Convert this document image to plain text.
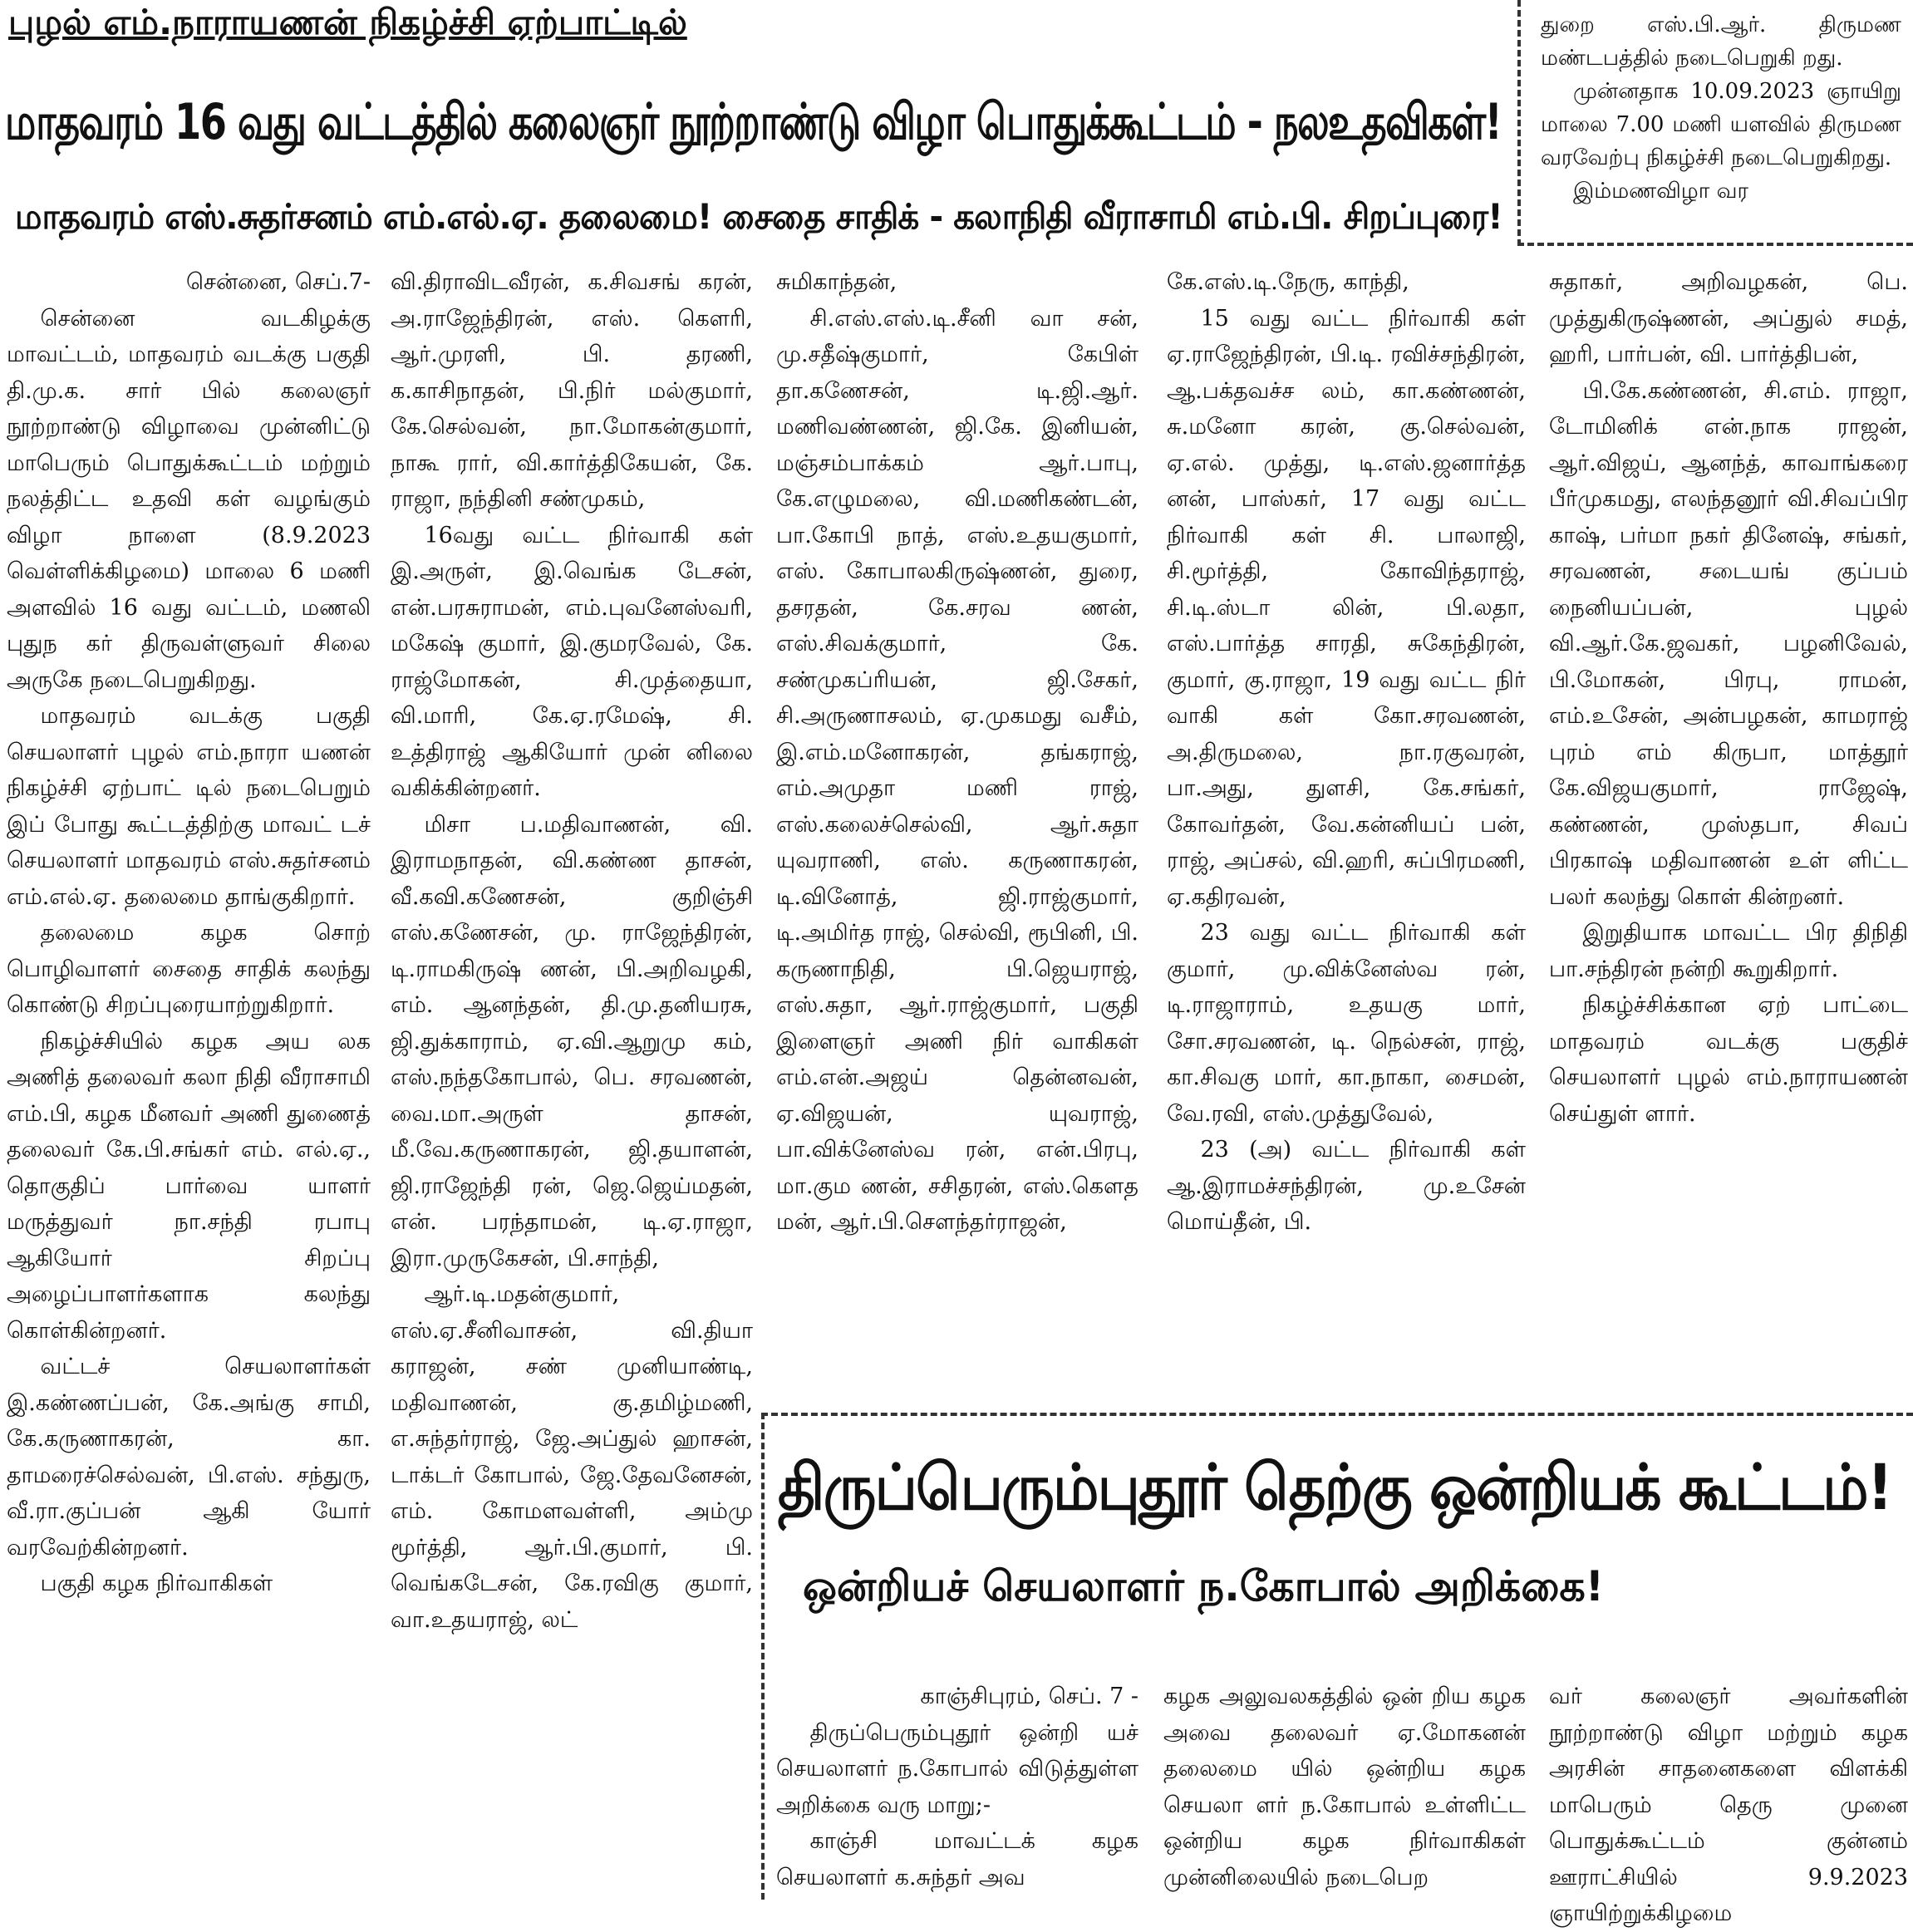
புழல் எம்.நாராயணன் நிகழ்ச்சி ஏற்பாட்டில்
மாதவரம் 16 வது வட்டத்தில் கலைஞர் நூற்றாண்டு விழா பொதுக்கூட்டம் - நலஉதவிகள்!
மாதவரம் எஸ்.சுதர்சனம் எம்.எல்.ஏ. தலைமை! சைதை சாதிக் - கலாநிதி வீராசாமி எம்.பி. சிறப்புரை!

துறை எஸ்.பி.ஆர். திருமண மண்டபத்தில் நடைபெறுகி றது.

முன்னதாக 10.09.2023 ஞாயிறு மாலை 7.00 மணி யளவில் திருமண வரவேற்பு நிகழ்ச்சி நடைபெறுகிறது.

இம்மணவிழா வர

சென்னை, செப்.7-

சென்னை வடகிழக்கு மாவட்டம், மாதவரம் வடக்கு பகுதி தி.மு.க. சார் பில் கலைஞர் நூற்றாண்டு விழாவை முன்னிட்டு மாபெரும் பொதுக்கூட்டம் மற்றும் நலத்திட்ட உதவி கள் வழங்கும் விழா நாளை (8.9.2023 வெள்ளிக்கிழமை) மாலை 6 மணி அளவில் 16 வது வட்டம், மணலி புதுந கர் திருவள்ளுவர் சிலை அருகே நடைபெறுகிறது.

மாதவரம் வடக்கு பகுதி செயலாளர் புழல் எம்.நாரா யணன் நிகழ்ச்சி ஏற்பாட் டில் நடைபெறும் இப் போது கூட்டத்திற்கு மாவட் டச் செயலாளர் மாதவரம் எஸ்.சுதர்சனம் எம்.எல்.ஏ. தலைமை தாங்குகிறார்.

தலைமை கழக சொற் பொழிவாளர் சைதை சாதிக் கலந்து கொண்டு சிறப்புரையாற்றுகிறார்.

நிகழ்ச்சியில் கழக அய லக அணித் தலைவர் கலா நிதி வீராசாமி எம்.பி, கழக மீனவர் அணி துணைத் தலைவர் கே.பி.சங்கர் எம். எல்.ஏ., தொகுதிப் பார்வை யாளர் மருத்துவர் நா.சந்தி ரபாபு ஆகியோர் சிறப்பு அழைப்பாளர்களாக கலந்து கொள்கின்றனர்.

வட்டச் செயலாளர்கள் இ.கண்ணப்பன், கே.அங்கு சாமி, கே.கருணாகரன், கா. தாமரைச்செல்வன், பி.எஸ். சந்துரு, வீ.ரா.குப்பன் ஆகி யோர் வரவேற்கின்றனர்.

பகுதி கழக நிர்வாகிகள்

வி.திராவிடவீரன், க.சிவசங் கரன், அ.ராஜேந்திரன், எஸ். கௌரி, ஆர்.முரளி, பி. தரணி, க.காசிநாதன், பி.நிர் மல்குமார், கே.செல்வன், நா.மோகன்குமார், நாகூ ரார், வி.கார்த்திகேயன், கே. ராஜா, நந்தினி சண்முகம்,

16வது வட்ட நிர்வாகி கள் இ.அருள், இ.வெங்க டேசன், என்.பரசுராமன், எம்.புவனேஸ்வரி, மகேஷ் குமார், இ.குமரவேல், கே. ராஜ்மோகன், சி.முத்தையா, வி.மாரி, கே.ஏ.ரமேஷ், சி. உத்திராஜ் ஆகியோர் முன் னிலை வகிக்கின்றனர்.

மிசா ப.மதிவாணன், வி. இராமநாதன், வி.கண்ண தாசன், வீ.கவி.கணேசன், குறிஞ்சி எஸ்.கணேசன், மு. ராஜேந்திரன், டி.ராமகிருஷ் ணன், பி.அறிவழகி, எம். ஆனந்தன், தி.மு.தனியரசு, ஜி.துக்காராம், ஏ.வி.ஆறுமு கம், எஸ்.நந்தகோபால், பெ. சரவணன், வை.மா.அருள் தாசன், மீ.வே.கருணாகரன், ஜி.தயாளன், ஜி.ராஜேந்தி ரன், ஜெ.ஜெய்மதன், என். பரந்தாமன், டி.ஏ.ராஜா, இரா.முருகேசன், பி.சாந்தி,

ஆர்.டி.மதன்குமார், எஸ்.ஏ.சீனிவாசன், வி.தியா கராஜன், சண் முனியாண்டி, மதிவாணன், கு.தமிழ்மணி, எ.சுந்தர்ராஜ், ஜே.அப்துல் ஹாசன், டாக்டர் கோபால், ஜே.தேவனேசன், எம். கோமளவள்ளி, அம்மு மூர்த்தி, ஆர்.பி.குமார், பி. வெங்கடேசன், கே.ரவிகு குமார், வா.உதயராஜ், லட்

சுமிகாந்தன்,

சி.எஸ்.எஸ்.டி.சீனி வா சன், மு.சதீஷ்குமார், கேபிள் தா.கணேசன், டி.ஜி.ஆர். மணிவண்ணன், ஜி.கே. இனியன், மஞ்சம்பாக்கம் ஆர்.பாபு, கே.எழுமலை, வி.மணிகண்டன், பா.கோபி நாத், எஸ்.உதயகுமார், எஸ். கோபாலகிருஷ்ணன், துரை, தசரதன், கே.சரவ ணன், எஸ்.சிவக்குமார், கே. சண்முகப்ரியன், ஜி.சேகர், சி.அருணாசலம், ஏ.முகமது வசீம், இ.எம்.மனோகரன், தங்கராஜ், எம்.அமுதா மணி ராஜ், எஸ்.கலைச்செல்வி, ஆர்.சுதா யுவராணி, எஸ். கருணாகரன், டி.வினோத், ஜி.ராஜ்குமார், டி.அமிர்த ராஜ், செல்வி, ரூபினி, பி. கருணாநிதி, பி.ஜெயராஜ், எஸ்.சுதா, ஆர்.ராஜ்குமார், பகுதி இளைஞர் அணி நிர் வாகிகள் எம்.என்.அஜய் தென்னவன், ஏ.விஜயன், யுவராஜ், பா.விக்னேஸ்வ ரன், என்.பிரபு, மா.கும ணன், சசிதரன், எஸ்.கௌத மன், ஆர்.பி.சௌந்தர்ராஜன்,

கே.எஸ்.டி.நேரு, காந்தி,

15 வது வட்ட நிர்வாகி கள் ஏ.ராஜேந்திரன், பி.டி. ரவிச்சந்திரன், ஆ.பக்தவச்ச லம், கா.கண்ணன், சு.மனோ கரன், கு.செல்வன், ஏ.எல். முத்து, டி.எஸ்.ஜனார்த்த னன், பாஸ்கர், 17 வது வட்ட நிர்வாகி கள் சி. பாலாஜி, சி.மூர்த்தி, கோவிந்தராஜ், சி.டி.ஸ்டா லின், பி.லதா, எஸ்.பார்த்த சாரதி, சுகேந்திரன், குமார், கு.ராஜா, 19 வது வட்ட நிர் வாகி கள் கோ.சரவணன், அ.திருமலை, நா.ரகுவரன், பா.அது, துளசி, கே.சங்கர், கோவர்தன், வே.கன்னியப் பன், ராஜ், அப்சல், வி.ஹரி, சுப்பிரமணி, ஏ.கதிரவன்,

23 வது வட்ட நிர்வாகி கள் குமார், மு.விக்னேஸ்வ ரன், டி.ராஜாராம், உதயகு மார், சோ.சரவணன், டி. நெல்சன், ராஜ், கா.சிவகு மார், கா.நாகா, சைமன், வே.ரவி, எஸ்.முத்துவேல்,

23 (அ) வட்ட நிர்வாகி கள் ஆ.இராமச்சந்திரன், மு.உசேன் மொய்தீன், பி.

சுதாகர், அறிவழகன், பெ. முத்துகிருஷ்ணன், அப்துல் சமத், ஹரி, பார்பன், வி. பார்த்திபன்,

பி.கே.கண்ணன், சி.எம். ராஜா, டோமினிக் என்.நாக ராஜன், ஆர்.விஜய், ஆனந்த், காவாங்கரை பீர்முகமது, எலந்தனூர் வி.சிவப்பிர காஷ், பர்மா நகர் தினேஷ், சங்கர், சரவணன், சடையங் குப்பம் நைனியப்பன், புழல் வி.ஆர்.கே.ஜவகர், பழனிவேல், பி.மோகன், பிரபு, ராமன், எம்.உசேன், அன்பழகன், காமராஜ் புரம் எம் கிருபா, மாத்தூர் கே.விஜயகுமார், ராஜேஷ், கண்ணன், முஸ்தபா, சிவப் பிரகாஷ் மதிவாணன் உள் ளிட்ட பலர் கலந்து கொள் கின்றனர்.

இறுதியாக மாவட்ட பிர திநிதி பா.சந்திரன் நன்றி கூறுகிறார்.

நிகழ்ச்சிக்கான ஏற் பாட்டை மாதவரம் வடக்கு பகுதிச் செயலாளர் புழல் எம்.நாராயணன் செய்துள் ளார்.

திருப்பெரும்புதூர் தெற்கு ஒன்றியக் கூட்டம்!
ஒன்றியச் செயலாளர் ந.கோபால் அறிக்கை!

காஞ்சிபுரம், செப். 7 -

திருப்பெரும்புதூர் ஒன்றி யச் செயலாளர் ந.கோபால் விடுத்துள்ள அறிக்கை வரு மாறு;-

காஞ்சி மாவட்டக் கழக செயலாளர் க.சுந்தர் அவ

கழக அலுவலகத்தில் ஒன் றிய கழக அவை தலைவர் ஏ.மோகனன் தலைமை யில் ஒன்றிய கழக செயலா ளர் ந.கோபால் உள்ளிட்ட ஒன்றிய கழக நிர்வாகிகள் முன்னிலையில் நடைபெற

வர் கலைஞர் அவர்களின் நூற்றாண்டு விழா மற்றும் கழக அரசின் சாதனைகளை விளக்கி மாபெரும் தெரு முனை பொதுக்கூட்டம் குன்னம் ஊராட்சியில் 9.9.2023 ஞாயிற்றுக்கிழமை
